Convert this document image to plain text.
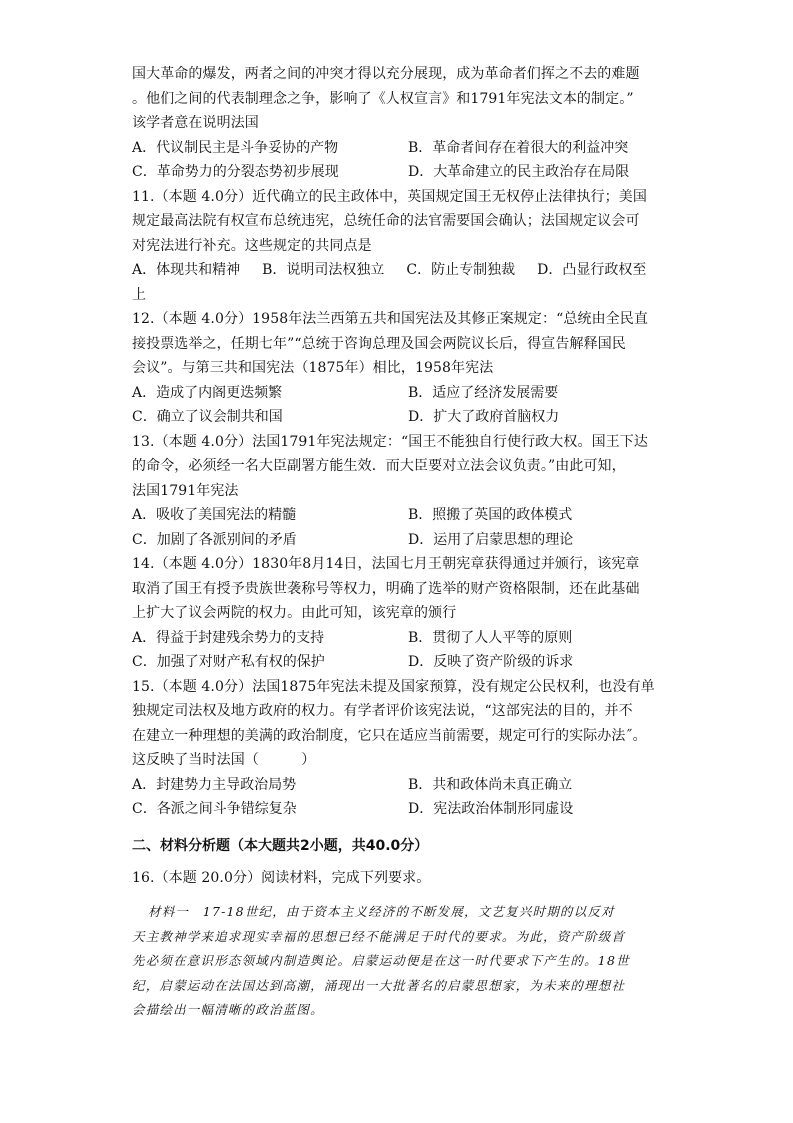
国大革命的爆发，两者之间的冲突才得以充分展现，成为革命者们挥之不去的难题
。他们之间的代表制理念之争，影响了《人权宣言》和1791年宪法文本的制定。”
该学者意在说明法国
A．代议制民主是斗争妥协的产物	B．革命者间存在着很大的利益冲突
C．革命势力的分裂态势初步展现	D．大革命建立的民主政治存在局限
11.（本题 4.0分）近代确立的民主政体中，英国规定国王无权停止法律执行；美国
规定最高法院有权宣布总统违宪，总统任命的法官需要国会确认；法国规定议会可
对宪法进行补充。这些规定的共同点是
A．体现共和精神 B．说明司法权独立 C．防止专制独裁 D．凸显行政权至
上
12.（本题 4.0分）1958年法兰西第五共和国宪法及其修正案规定：“总统由全民直
接投票选举之，任期七年”“总统于咨询总理及国会两院议长后，得宣告解释国民
会议”。与第三共和国宪法（1875年）相比，1958年宪法
A．造成了内阁更迭频繁	B．适应了经济发展需要
C．确立了议会制共和国	D．扩大了政府首脑权力
13.（本题 4.0分）法国1791年宪法规定：“国王不能独自行使行政大权。国王下达
的命令，必须经一名大臣副署方能生效．而大臣要对立法会议负责。”由此可知，
法国1791年宪法
A．吸收了美国宪法的精髓	B．照搬了英国的政体模式
C．加剧了各派别间的矛盾	D．运用了启蒙思想的理论
14.（本题 4.0分）1830年8月14日，法国七月王朝宪章获得通过并颁行，该宪章
取消了国王有授予贵族世袭称号等权力，明确了选举的财产资格限制，还在此基础
上扩大了议会两院的权力。由此可知，该宪章的颁行
A．得益于封建残余势力的支持	B．贯彻了人人平等的原则
C．加强了对财产私有权的保护	D．反映了资产阶级的诉求
15.（本题 4.0分）法国1875年宪法未提及国家预算，没有规定公民权利，也没有单
独规定司法权及地方政府的权力。有学者评价该宪法说，“这部宪法的目的，并不
在建立一种理想的美满的政治制度，它只在适应当前需要，规定可行的实际办法˝。
这反映了当时法国（　　　）
A．封建势力主导政治局势	B．共和政体尚未真正确立
C．各派之间斗争错综复杂	D．宪法政治体制形同虚设
二、材料分析题（本大题共2小题，共40.0分）
16.（本题 20.0分）阅读材料，完成下列要求。
材料一　17-18世纪，由于资本主义经济的不断发展，文艺复兴时期的以反对
天主教神学来追求现实幸福的思想已经不能满足于时代的要求。为此，资产阶级首
先必须在意识形态领域内制造舆论。启蒙运动便是在这一时代要求下产生的。18世
纪，启蒙运动在法国达到高潮，涌现出一大批著名的启蒙思想家，为未来的理想社
会描绘出一幅清晰的政治蓝图。
